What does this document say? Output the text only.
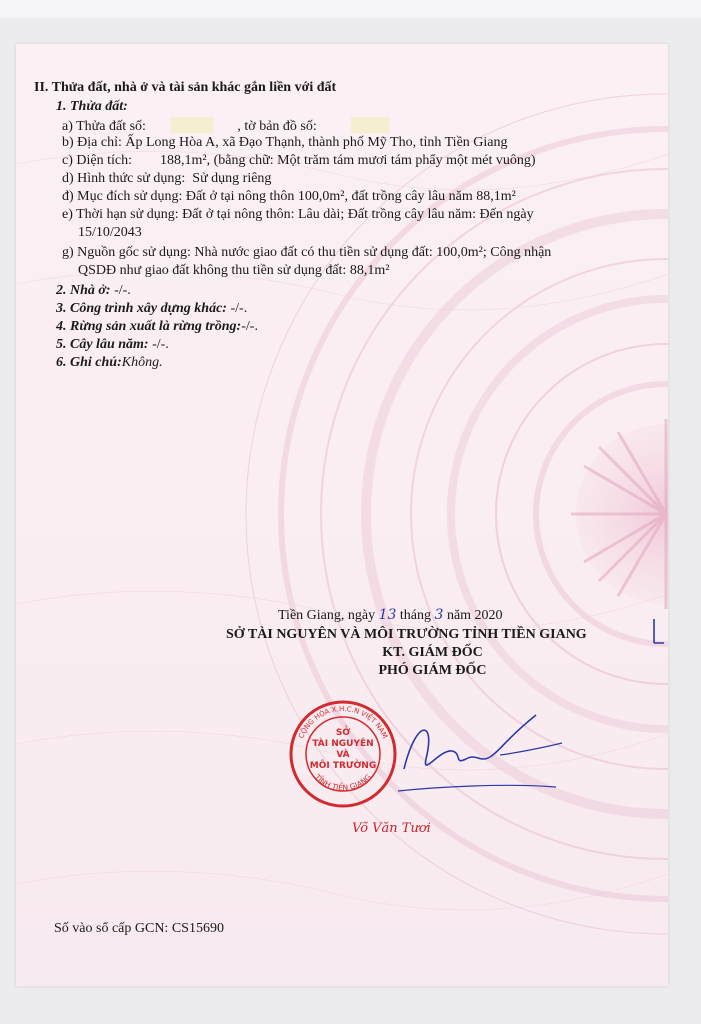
II. Thửa đất, nhà ở và tài sản khác gắn liền với đất
1. Thửa đất:
a) Thửa đất số:	, tờ bản đồ số:
b) Địa chỉ: Ấp Long Hòa A, xã Đạo Thạnh, thành phố Mỹ Tho, tỉnh Tiền Giang
c) Diện tích: 188,1m², (bằng chữ: Một trăm tám mươi tám phẩy một mét vuông)
d) Hình thức sử dụng: Sử dụng riêng
đ) Mục đích sử dụng: Đất ở tại nông thôn 100,0m², đất trồng cây lâu năm 88,1m²
e) Thời hạn sử dụng: Đất ở tại nông thôn: Lâu dài; Đất trồng cây lâu năm: Đến ngày
15/10/2043
g) Nguồn gốc sử dụng: Nhà nước giao đất có thu tiền sử dụng đất: 100,0m²; Công nhận
QSDĐ như giao đất không thu tiền sử dụng đất: 88,1m²
2. Nhà ở: -/-.
3. Công trình xây dựng khác: -/-.
4. Rừng sản xuất là rừng trồng:-/-.
5. Cây lâu năm: -/-.
6. Ghi chú:Không.
Tiền Giang, ngày 13 tháng 3 năm 2020
SỞ TÀI NGUYÊN VÀ MÔI TRƯỜNG TỈNH TIỀN GIANG
KT. GIÁM ĐỐC
PHÓ GIÁM ĐỐC
CỘNG HÒA X.H.C.N VIỆT NAM
TỈNH TIỀN GIANG
SỞ
TÀI NGUYÊN
VÀ
MÔI TRƯỜNG
Võ Văn Tươi
Số vào sổ cấp GCN: CS15690
